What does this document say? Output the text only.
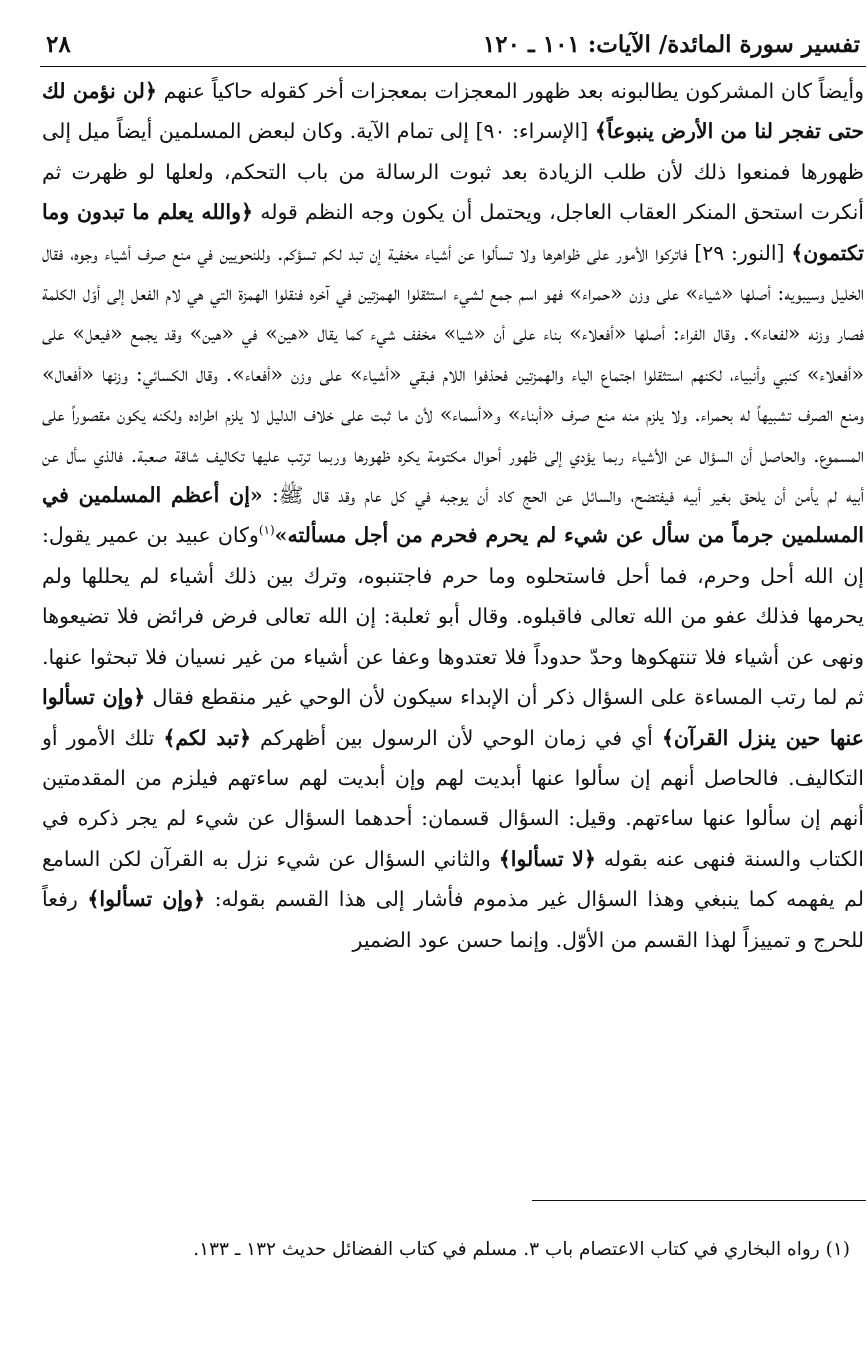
تفسير سورة المائدة/ الآيات: ١٠١ ـ ١٢٠
٢٨

وأيضاً كان المشركون يطالبونه بعد ظهور المعجزات بمعجزات أخر كقوله حاكياً عنهم ﴿لن نؤمن لك حتى تفجر لنا من الأرض ينبوعاً﴾ [الإسراء: ٩٠] إلى تمام الآية. وكان لبعض المسلمين أيضاً ميل إلى ظهورها فمنعوا ذلك لأن طلب الزيادة بعد ثبوت الرسالة من باب التحكم، ولعلها لو ظهرت ثم أنكرت استحق المنكر العقاب العاجل، ويحتمل أن يكون وجه النظم قوله ﴿والله يعلم ما تبدون وما تكتمون﴾ [النور: ٢٩] فاتركوا الأمور على ظواهرها ولا تسألوا عن أشياء مخفية إن تبد لكم تسؤكم. وللنحويين في منع صرف أشياء وجوه، فقال الخليل وسيبويه: أصلها «شياء» على وزن «حمراء» فهو اسم جمع لشيء استثقلوا الهمزتين في آخره فنقلوا الهمزة التي هي لام الفعل إلى أوّل الكلمة فصار وزنه «لفعاء». وقال الفراء: أصلها «أفعلاء» بناء على أن «شيا» مخفف شيء كما يقال «هين» في «هين» وقد يجمع «فيعل» على «أفعلاء» كنبي وأنبياء، لكنهم استثقلوا اجتماع الياء والهمزتين فحذفوا اللام فبقي «أشياء» على وزن «أفعاء». وقال الكسائي: وزنها «أفعال» ومنع الصرف تشبيهاً له بحمراء. ولا يلزم منه منع صرف «أبناء» و«أسماء» لأن ما ثبت على خلاف الدليل لا يلزم اطراده ولكنه يكون مقصوراً على المسموع. والحاصل أن السؤال عن الأشياء ربما يؤدي إلى ظهور أحوال مكتومة يكره ظهورها وربما ترتب عليها تكاليف شاقة صعبة. فالذي سأل عن أبيه لم يأمن أن يلحق بغير أبيه فيفتضح، والسائل عن الحج كاد أن يوجبه في كل عام وقد قال ﷺ: «إن أعظم المسلمين في المسلمين جرماً من سأل عن شيء لم يحرم فحرم من أجل مسألته»$^{(١)}$وكان عبيد بن عمير يقول: إن الله أحل وحرم، فما أحل فاستحلوه وما حرم فاجتنبوه، وترك بين ذلك أشياء لم يحللها ولم يحرمها فذلك عفو من الله تعالى فاقبلوه. وقال أبو ثعلبة: إن الله تعالى فرض فرائض فلا تضيعوها ونهى عن أشياء فلا تنتهكوها وحدّ حدوداً فلا تعتدوها وعفا عن أشياء من غير نسيان فلا تبحثوا عنها. ثم لما رتب المساءة على السؤال ذكر أن الإبداء سيكون لأن الوحي غير منقطع فقال ﴿وإن تسألوا عنها حين ينزل القرآن﴾ أي في زمان الوحي لأن الرسول بين أظهركم ﴿تبد لكم﴾ تلك الأمور أو التكاليف. فالحاصل أنهم إن سألوا عنها أبديت لهم وإن أبديت لهم ساءتهم فيلزم من المقدمتين أنهم إن سألوا عنها ساءتهم. وقيل: السؤال قسمان: أحدهما السؤال عن شيء لم يجر ذكره في الكتاب والسنة فنهى عنه بقوله ﴿لا تسألوا﴾ والثاني السؤال عن شيء نزل به القرآن لكن السامع لم يفهمه كما ينبغي وهذا السؤال غير مذموم فأشار إلى هذا القسم بقوله: ﴿وإن تسألوا﴾ رفعاً للحرج و تمييزاً لهذا القسم من الأوّل. وإنما حسن عود الضمير

(١) رواه البخاري في كتاب الاعتصام باب ٣. مسلم في كتاب الفضائل حديث ١٣٢ ـ ١٣٣.
